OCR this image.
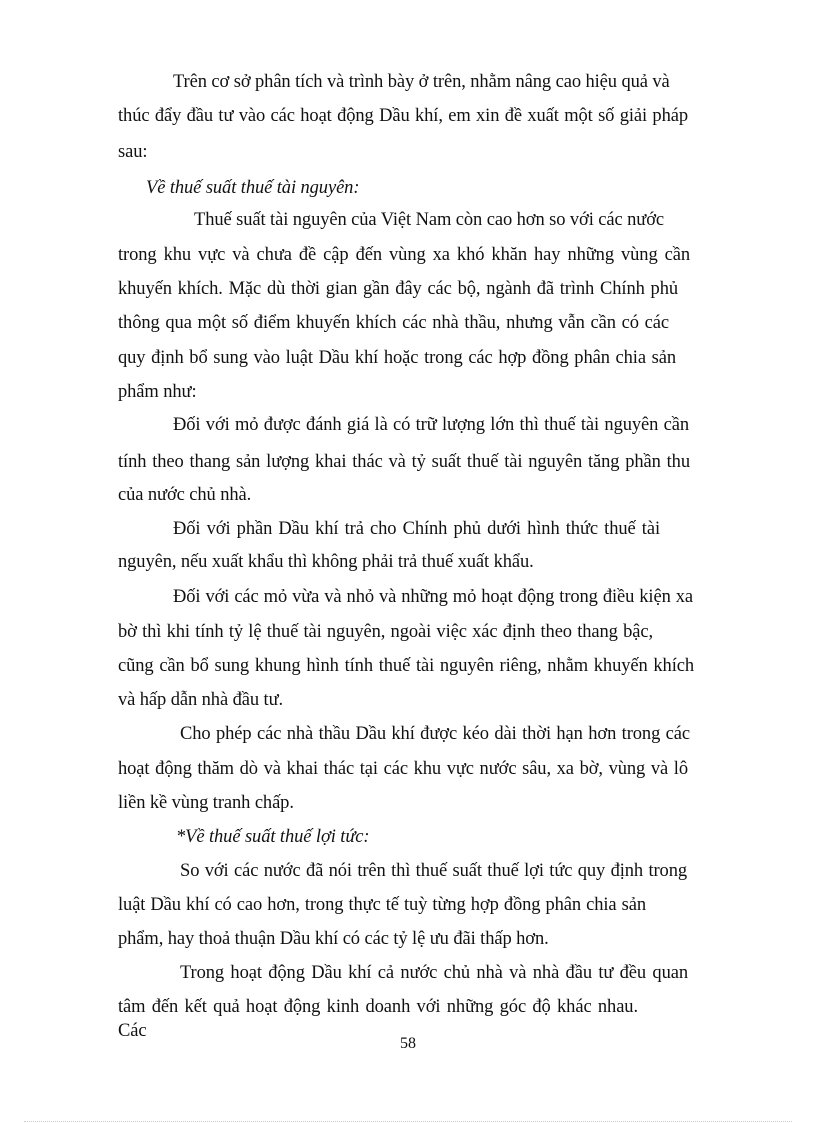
Trên cơ sở phân tích và trình bày ở trên, nhằm nâng cao hiệu quả và
thúc đẩy đầu tư vào các hoạt động Dầu khí, em xin đề xuất một số giải pháp
sau:
Về thuế suất thuế tài nguyên:
Thuế suất tài nguyên của Việt Nam còn cao hơn so với các nước
trong khu vực và chưa đề cập đến vùng xa khó khăn hay những vùng cần
khuyến khích. Mặc dù thời gian gần đây các bộ, ngành đã trình Chính phủ
thông qua một số điểm khuyến khích các nhà thầu, nhưng vẫn cần có các
quy định bổ sung vào luật Dầu khí hoặc trong các hợp đồng phân chia sản
phẩm như:
Đối với mỏ được đánh giá là có trữ lượng lớn thì thuế tài nguyên cần
tính theo thang sản lượng khai thác và tỷ suất thuế tài nguyên tăng phần thu
của nước chủ nhà.
Đối với phần Dầu khí trả cho Chính phủ dưới hình thức thuế tài
nguyên, nếu xuất khẩu thì không phải trả thuế xuất khẩu.
Đối với các mỏ vừa và nhỏ và những mỏ hoạt động trong điều kiện xa
bờ thì khi tính tỷ lệ thuế tài nguyên, ngoài việc xác định theo thang bậc,
cũng cần bổ sung khung hình tính thuế tài nguyên riêng, nhằm khuyến khích
và hấp dẫn nhà đầu tư.
Cho phép các nhà thầu Dầu khí được kéo dài thời hạn hơn trong các
hoạt động thăm dò và khai thác tại các khu vực nước sâu, xa bờ, vùng và lô
liền kề vùng tranh chấp.
*Về thuế suất thuế lợi tức:
So với các nước đã nói trên thì thuế suất thuế lợi tức quy định trong
luật Dầu khí có cao hơn, trong thực tế tuỳ từng hợp đồng phân chia sản
phẩm, hay thoả thuận Dầu khí có các tỷ lệ ưu đãi thấp hơn.
Trong hoạt động Dầu khí cả nước chủ nhà và nhà đầu tư đều quan
tâm đến kết quả hoạt động kinh doanh với những góc độ khác nhau. Các
58
